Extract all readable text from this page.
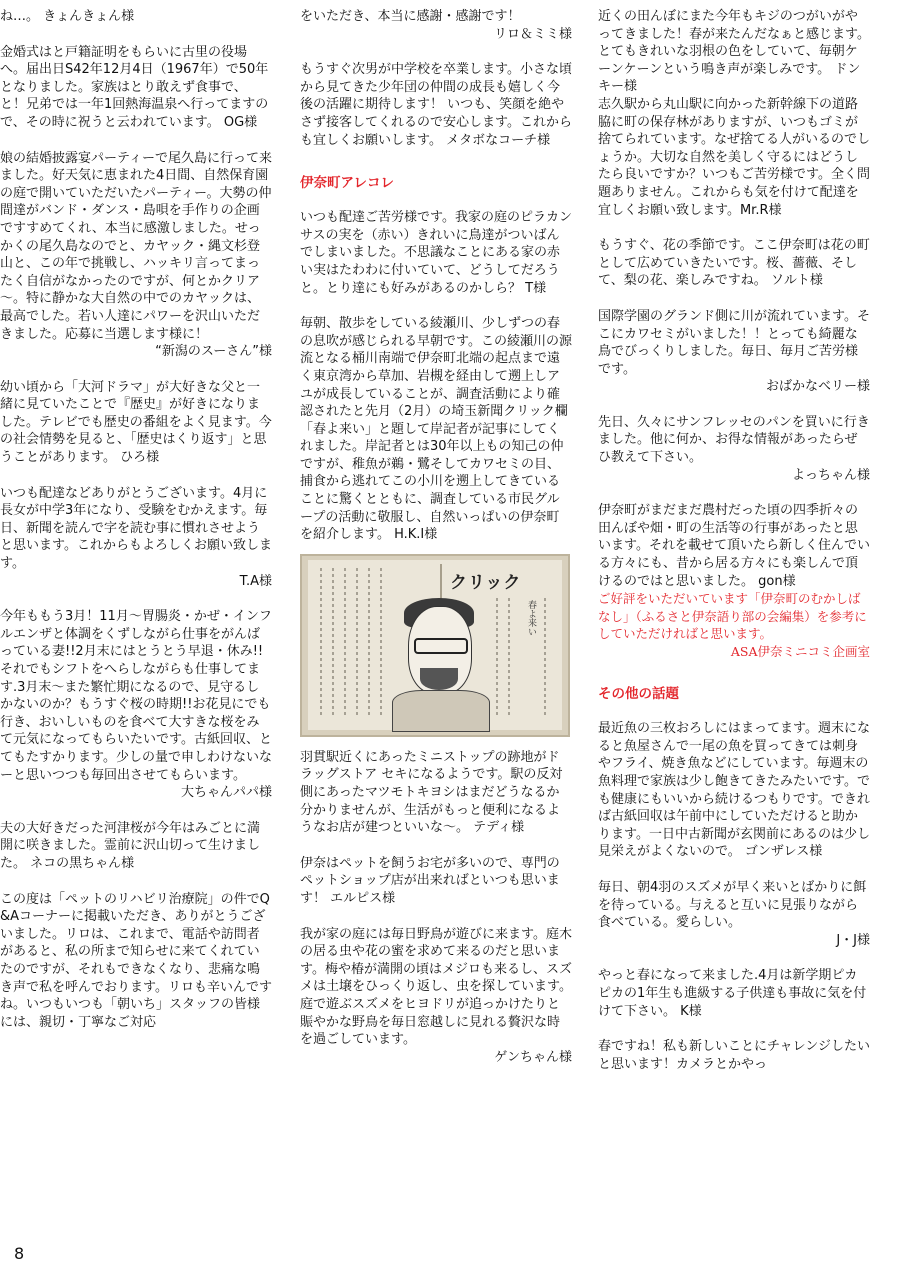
ね…。 きょんきょん様

金婚式はと戸籍証明をもらいに古里の役場へ。届出日S42年12月4日（1967年）で50年となりました。家族はとり敢えず食事で、と！兄弟では一年1回熱海温泉へ行ってますので、その時に祝うと云われています。 OG様

娘の結婚披露宴パーティーで尾久島に行って来ました。好天気に恵まれた4日間、自然保育園の庭で開いていただいたパーティー。大勢の仲間達がバンド・ダンス・島唄を手作りの企画ですすめてくれ、本当に感激しました。せっかくの尾久島なのでと、カヤック・縄文杉登山と、この年で挑戦し、ハッキリ言ってまったく自信がなかったのですが、何とかクリア～。特に静かな大自然の中でのカヤックは、最高でした。若い人達にパワーを沢山いただきました。応募に当選します様に！

“新潟のスーさん”様

幼い頃から「大河ドラマ」が大好きな父と一緒に見ていたことで『歴史』が好きになりました。テレビでも歴史の番組をよく見ます。今の社会情勢を見ると、「歴史はくり返す」と思うことがあります。 ひろ様

いつも配達などありがとうございます。4月に長女が中学3年になり、受験をむかえます。毎日、新聞を読んで字を読む事に慣れさせようと思います。これからもよろしくお願い致します。

T.A様

今年ももう3月！11月～胃腸炎・かぜ・インフルエンザと体調をくずしながら仕事をがんばっている妻!!2月末にはとうとう早退・休み!!それでもシフトをへらしながらも仕事してます.3月末～また繁忙期になるので、見守るしかないのか？もうすぐ桜の時期!!お花見にでも行き、おいしいものを食べて大すきな桜をみて元気になってもらいたいです。古紙回収、とてもたすかります。少しの量で申しわけないなーと思いつつも毎回出させてもらいます。

大ちゃんパパ様

夫の大好きだった河津桜が今年はみごとに満開に咲きました。霊前に沢山切って生けました。 ネコの黒ちゃん様

この度は「ペットのリハビリ治療院」の件でQ&Aコーナーに掲載いただき、ありがとうございました。リロは、これまで、電話や訪問者があると、私の所まで知らせに来てくれていたのですが、それもできなくなり、悲痛な鳴き声で私を呼んでおります。リロも辛いんですね。いつもいつも「朝いち」スタッフの皆様には、親切・丁寧なご対応

をいただき、本当に感謝・感謝です！

リロ＆ミミ様

もうすぐ次男が中学校を卒業します。小さな頃から見てきた少年団の仲間の成長も嬉しく今後の活躍に期待します！ いつも、笑顔を絶やさず接客してくれるので安心します。これからも宜しくお願いします。 メタボなコーチ様

伊奈町アレコレ

いつも配達ご苦労様です。我家の庭のピラカンサスの実を（赤い）きれいに鳥達がついばんでしまいました。不思議なことにある家の赤い実はたわわに付いていて、どうしてだろうと。とり達にも好みがあるのかしら？ T様

毎朝、散歩をしている綾瀬川、少しずつの春の息吹が感じられる早朝です。この綾瀬川の源流となる桶川南端で伊奈町北端の起点まで遠く東京湾から草加、岩槻を経由して遡上しアユが成長していることが、調査活動により確認されたと先月（2月）の埼玉新聞クリック欄「春よ来い」と題して岸記者が記事にしてくれました。岸記者とは30年以上もの知己の仲ですが、稚魚が鵜・鷺そしてカワセミの目、捕食から逃れてこの小川を遡上してきていることに驚くとともに、調査している市民グループの活動に敬服し、自然いっぱいの伊奈町を紹介します。 H.K.I様

クリック
春よ来い

羽貫駅近くにあったミニストップの跡地がドラッグストア セキになるようです。駅の反対側にあったマツモトキヨシはまだどうなるか分かりませんが、生活がもっと便利になるようなお店が建つといいな～。 テディ様

伊奈はペットを飼うお宅が多いので、専門のペットショップ店が出来ればといつも思います！ エルピス様

我が家の庭には毎日野鳥が遊びに来ます。庭木の居る虫や花の蜜を求めて来るのだと思います。梅や椿が満開の頃はメジロも来るし、スズメは土壌をひっくり返し、虫を探しています。庭で遊ぶスズメをヒヨドリが追っかけたりと賑やかな野鳥を毎日窓越しに見れる贅沢な時を過ごしています。

ゲンちゃん様

近くの田んぼにまた今年もキジのつがいがやってきました！春が来たんだなぁと感じます。とてもきれいな羽根の色をしていて、毎朝ケーンケーンという鳴き声が楽しみです。 ドンキー様

志久駅から丸山駅に向かった新幹線下の道路脇に町の保存林がありますが、いつもゴミが捨てられています。なぜ捨てる人がいるのでしょうか。大切な自然を美しく守るにはどうしたら良いですか？いつもご苦労様です。全く問題ありません。これからも気を付けて配達を宜しくお願い致します。Mr.R様

もうすぐ、花の季節です。ここ伊奈町は花の町として広めていきたいです。桜、薔薇、そして、梨の花、楽しみですね。 ソルト様

国際学園のグランド側に川が流れています。そこにカワセミがいました！！とっても綺麗な鳥でびっくりしました。毎日、毎月ご苦労様です。

おばかなベリー様

先日、久々にサンフレッセのパンを買いに行きました。他に何か、お得な情報があったらぜひ教えて下さい。

よっちゃん様

伊奈町がまだまだ農村だった頃の四季折々の田んぼや畑・町の生活等の行事があったと思います。それを載せて頂いたら新しく住んでいる方々にも、昔から居る方々にも楽しんで頂けるのではと思いました。 gon様

ご好評をいただいています「伊奈町のむかしばなし」（ふるさと伊奈語り部の会編集）を参考にしていただければと思います。

ASA伊奈ミニコミ企画室

その他の話題

最近魚の三枚おろしにはまってます。週末になると魚屋さんで一尾の魚を買ってきては刺身やフライ、焼き魚などにしています。毎週末の魚料理で家族は少し飽きてきたみたいです。でも健康にもいいから続けるつもりです。できれば古紙回収は午前中にしていただけると助かります。一日中古新聞が玄関前にあるのは少し見栄えがよくないので。 ゴンザレス様

毎日、朝4羽のスズメが早く来いとばかりに餌を待っている。与えると互いに見張りながら食べている。愛らしい。

J・J様

やっと春になって来ました.4月は新学期ピカピカの1年生も進級する子供達も事故に気を付けて下さい。 K様

春ですね！私も新しいことにチャレンジしたいと思います！カメラとかやっ

8
